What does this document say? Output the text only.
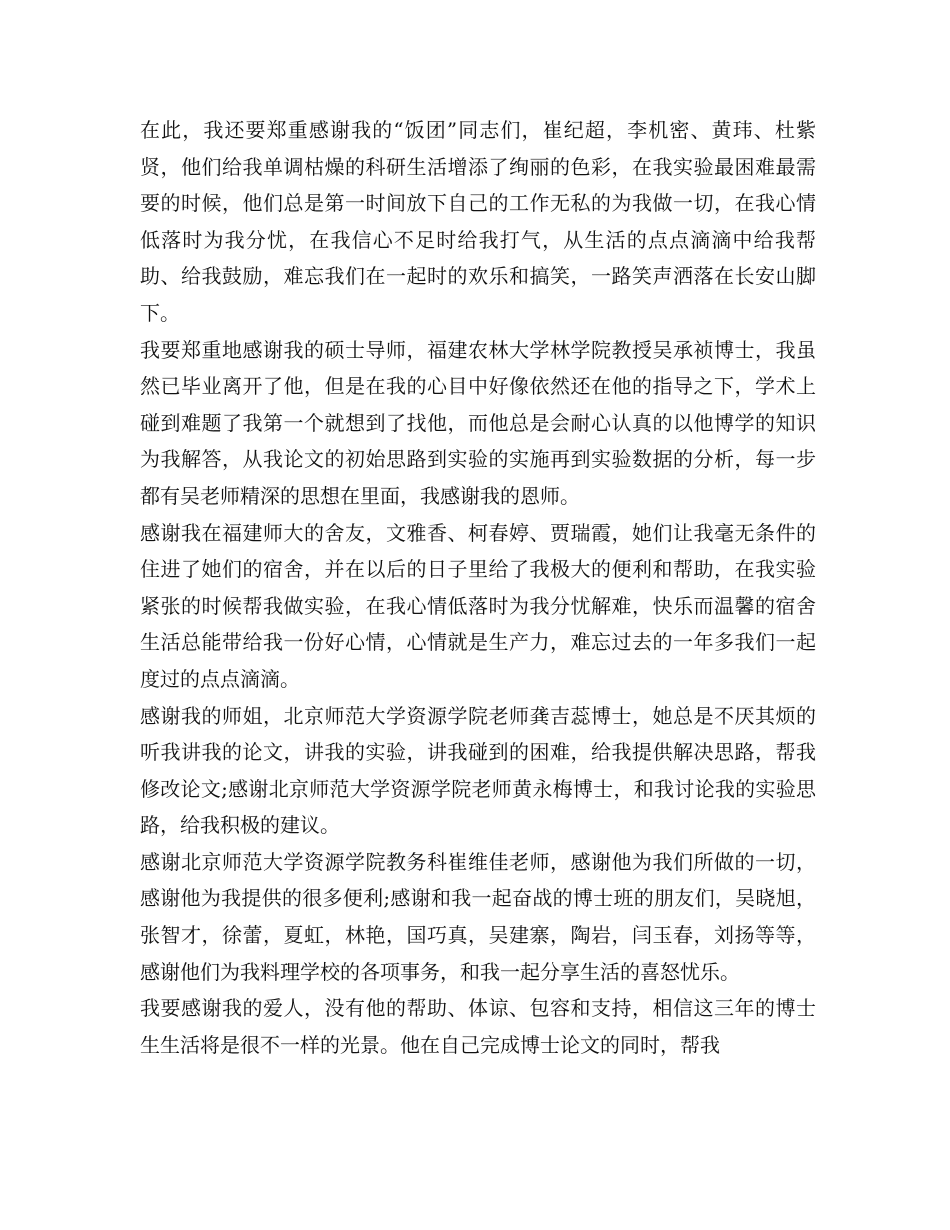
在此，我还要郑重感谢我的“饭团”同志们，崔纪超，李机密、黄玮、杜紫贤，他们给我单调枯燥的科研生活增添了绚丽的色彩，在我实验最困难最需要的时候，他们总是第一时间放下自己的工作无私的为我做一切，在我心情低落时为我分忧，在我信心不足时给我打气，从生活的点点滴滴中给我帮助、给我鼓励，难忘我们在一起时的欢乐和搞笑，一路笑声洒落在长安山脚下。

我要郑重地感谢我的硕士导师，福建农林大学林学院教授吴承祯博士，我虽然已毕业离开了他，但是在我的心目中好像依然还在他的指导之下，学术上碰到难题了我第一个就想到了找他，而他总是会耐心认真的以他博学的知识为我解答，从我论文的初始思路到实验的实施再到实验数据的分析，每一步都有吴老师精深的思想在里面，我感谢我的恩师。

感谢我在福建师大的舍友，文雅香、柯春婷、贾瑞霞，她们让我毫无条件的住进了她们的宿舍，并在以后的日子里给了我极大的便利和帮助，在我实验紧张的时候帮我做实验，在我心情低落时为我分忧解难，快乐而温馨的宿舍生活总能带给我一份好心情，心情就是生产力，难忘过去的一年多我们一起度过的点点滴滴。

感谢我的师姐，北京师范大学资源学院老师龚吉蕊博士，她总是不厌其烦的听我讲我的论文，讲我的实验，讲我碰到的困难，给我提供解决思路，帮我修改论文;感谢北京师范大学资源学院老师黄永梅博士，和我讨论我的实验思路，给我积极的建议。

感谢北京师范大学资源学院教务科崔维佳老师，感谢他为我们所做的一切，感谢他为我提供的很多便利;感谢和我一起奋战的博士班的朋友们，吴晓旭，张智才，徐蕾，夏虹，林艳，国巧真，吴建寨，陶岩，闫玉春，刘扬等等，感谢他们为我料理学校的各项事务，和我一起分享生活的喜怒忧乐。

我要感谢我的爱人，没有他的帮助、体谅、包容和支持，相信这三年的博士生生活将是很不一样的光景。他在自己完成博士论文的同时，帮我
